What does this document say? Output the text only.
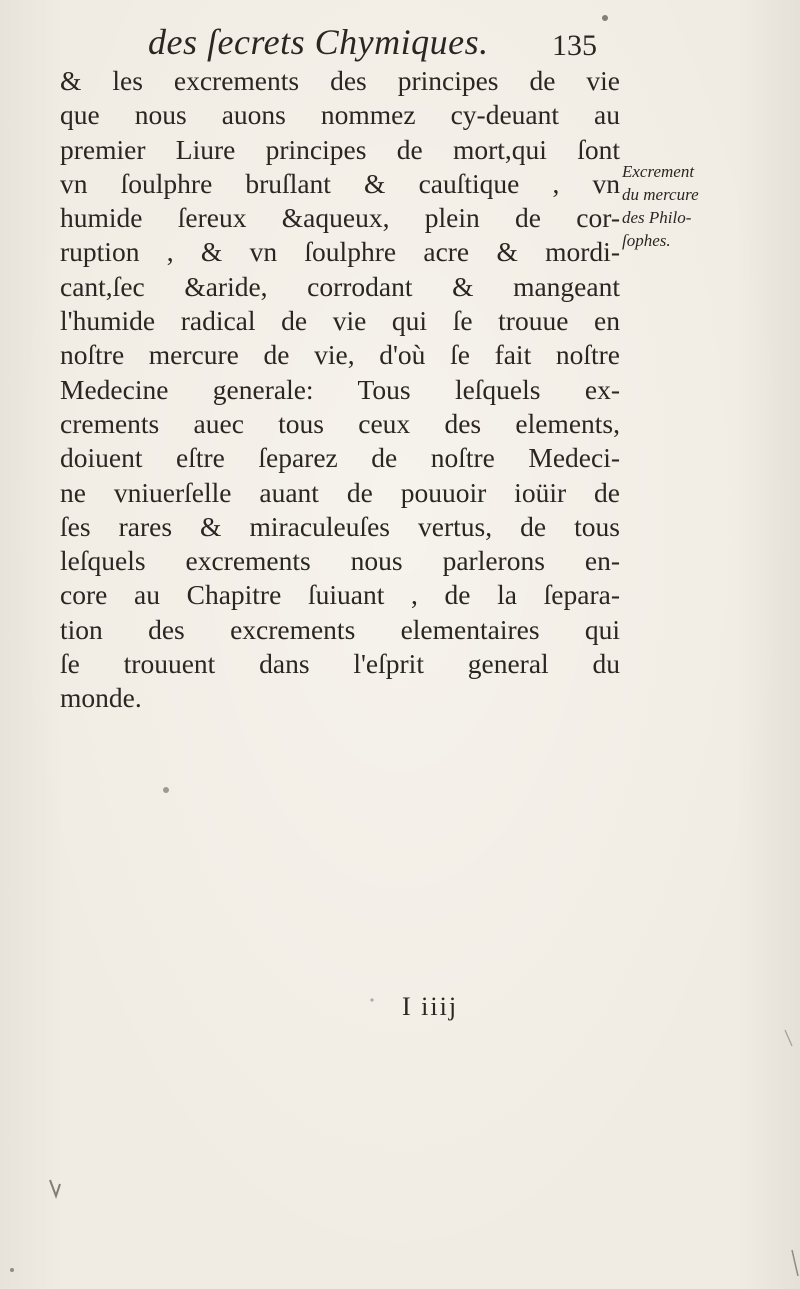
des ſecrets Chymiques. 135
& les excrements des principes de vie
que nous auons nommez cy-deuant au
premier Liure principes de mort,qui ſont
vn ſoulphre bruſlant & cauſtique , vn
humide ſereux &aqueux, plein de cor-
ruption , & vn ſoulphre acre & mordi-
cant,ſec &aride, corrodant & mangeant
l'humide radical de vie qui ſe trouue en
noſtre mercure de vie, d'où ſe fait noſtre
Medecine generale: Tous leſquels ex-
crements auec tous ceux des elements,
doiuent eſtre ſeparez de noſtre Medeci-
ne vniuerſelle auant de pouuoir ioüir de
ſes rares & miraculeuſes vertus, de tous
leſquels excrements nous parlerons en-
core au Chapitre ſuiuant , de la ſepara-
tion des excrements elementaires qui
ſe trouuent dans l'eſprit general du
monde.
Excrement
du mercure
des Philo-
ſophes.
I iiij
